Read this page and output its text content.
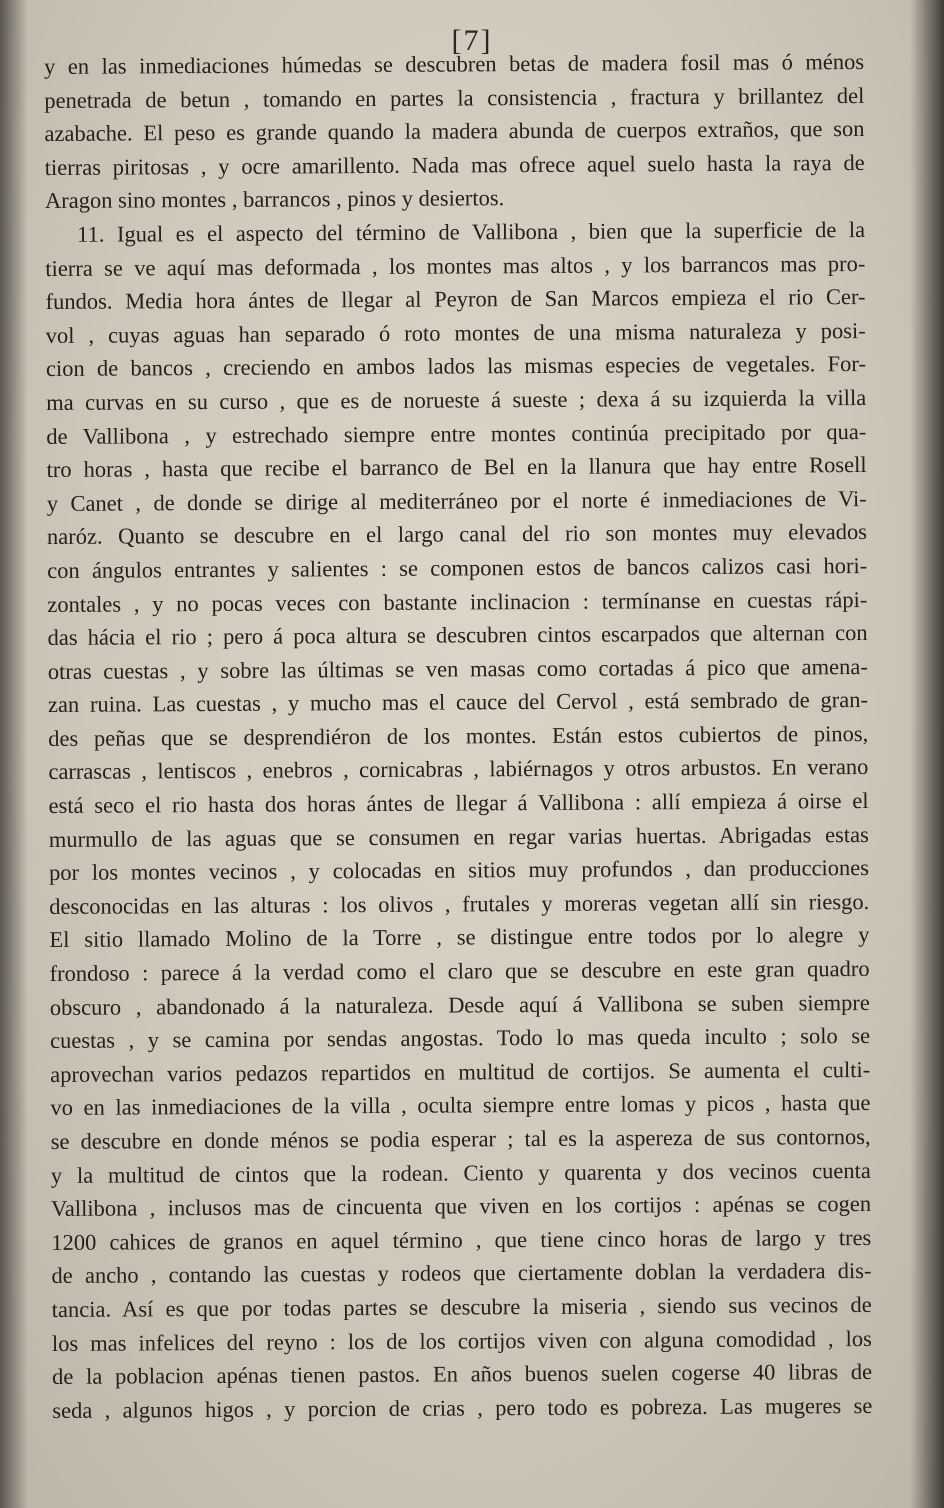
[7]
y en las inmediaciones húmedas se descubren betas de madera fosil mas ó ménos
penetrada de betun , tomando en partes la consistencia , fractura y brillantez del
azabache. El peso es grande quando la madera abunda de cuerpos extraños, que son
tierras piritosas , y ocre amarillento. Nada mas ofrece aquel suelo hasta la raya de
Aragon sino montes , barrancos , pinos y desiertos.
11. Igual es el aspecto del término de Vallibona , bien que la superficie de la
tierra se ve aquí mas deformada , los montes mas altos , y los barrancos mas pro-
fundos. Media hora ántes de llegar al Peyron de San Marcos empieza el rio Cer-
vol , cuyas aguas han separado ó roto montes de una misma naturaleza y posi-
cion de bancos , creciendo en ambos lados las mismas especies de vegetales. For-
ma curvas en su curso , que es de norueste á sueste ; dexa á su izquierda la villa
de Vallibona , y estrechado siempre entre montes continúa precipitado por qua-
tro horas , hasta que recibe el barranco de Bel en la llanura que hay entre Rosell
y Canet , de donde se dirige al mediterráneo por el norte é inmediaciones de Vi-
naróz. Quanto se descubre en el largo canal del rio son montes muy elevados
con ángulos entrantes y salientes : se componen estos de bancos calizos casi hori-
zontales , y no pocas veces con bastante inclinacion : termínanse en cuestas rápi-
das hácia el rio ; pero á poca altura se descubren cintos escarpados que alternan con
otras cuestas , y sobre las últimas se ven masas como cortadas á pico que amena-
zan ruina. Las cuestas , y mucho mas el cauce del Cervol , está sembrado de gran-
des peñas que se desprendiéron de los montes. Están estos cubiertos de pinos,
carrascas , lentiscos , enebros , cornicabras , labiérnagos y otros arbustos. En verano
está seco el rio hasta dos horas ántes de llegar á Vallibona : allí empieza á oirse el
murmullo de las aguas que se consumen en regar varias huertas. Abrigadas estas
por los montes vecinos , y colocadas en sitios muy profundos , dan producciones
desconocidas en las alturas : los olivos , frutales y moreras vegetan allí sin riesgo.
El sitio llamado Molino de la Torre , se distingue entre todos por lo alegre y
frondoso : parece á la verdad como el claro que se descubre en este gran quadro
obscuro , abandonado á la naturaleza. Desde aquí á Vallibona se suben siempre
cuestas , y se camina por sendas angostas. Todo lo mas queda inculto ; solo se
aprovechan varios pedazos repartidos en multitud de cortijos. Se aumenta el culti-
vo en las inmediaciones de la villa , oculta siempre entre lomas y picos , hasta que
se descubre en donde ménos se podia esperar ; tal es la aspereza de sus contornos,
y la multitud de cintos que la rodean. Ciento y quarenta y dos vecinos cuenta
Vallibona , inclusos mas de cincuenta que viven en los cortijos : apénas se cogen
1200 cahices de granos en aquel término , que tiene cinco horas de largo y tres
de ancho , contando las cuestas y rodeos que ciertamente doblan la verdadera dis-
tancia. Así es que por todas partes se descubre la miseria , siendo sus vecinos de
los mas infelices del reyno : los de los cortijos viven con alguna comodidad , los
de la poblacion apénas tienen pastos. En años buenos suelen cogerse 40 libras de
seda , algunos higos , y porcion de crias , pero todo es pobreza. Las mugeres se
